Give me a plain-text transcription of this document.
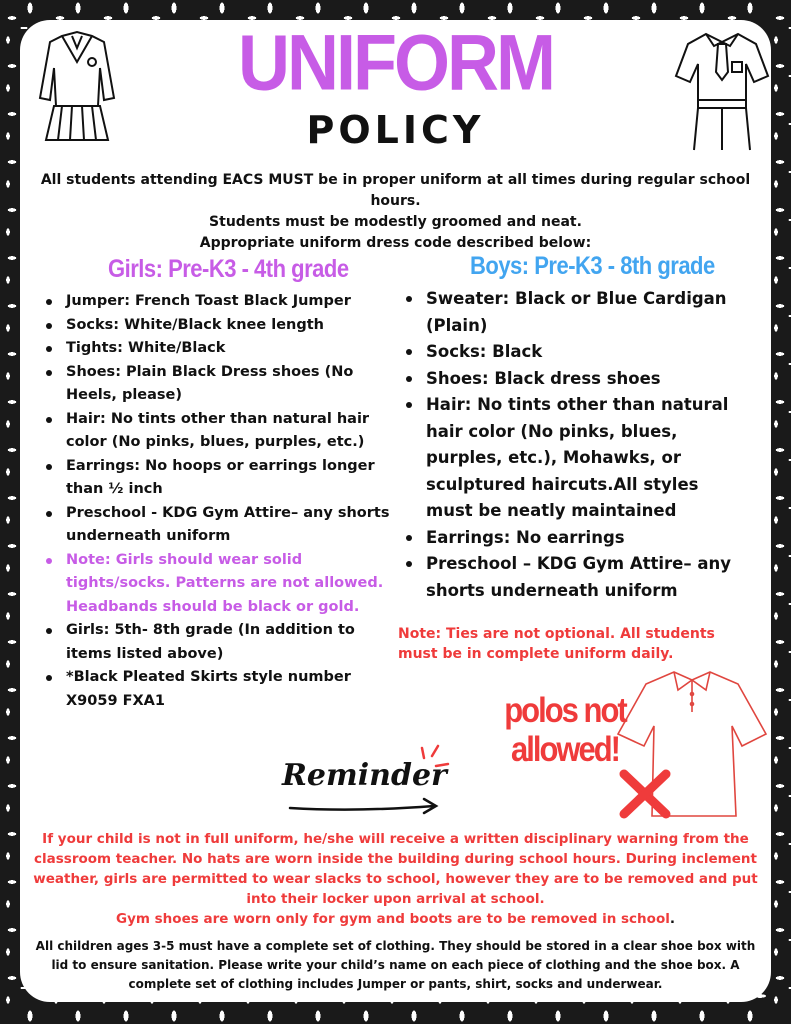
UNIFORM
POLICY
All students attending EACS MUST be in proper uniform at all times during regular school hours.
Students must be modestly groomed and neat.
Appropriate uniform dress code described below:
Girls: Pre-K3 - 4th grade	Boys: Pre-K3 - 8th grade
Jumper: French Toast Black Jumper
Socks: White/Black knee length
Tights: White/Black
Shoes: Plain Black Dress shoes (No Heels, please)
Hair: No tints other than natural hair color (No pinks, blues, purples, etc.)
Earrings: No hoops or earrings longer than ½ inch
Preschool - KDG Gym Attire– any shorts underneath uniform
Note: Girls should wear solid tights/socks. Patterns are not allowed. Headbands should be black or gold.
Girls: 5th- 8th grade (In addition to items listed above)
*Black Pleated Skirts style number X9059 FXA1
Sweater: Black or Blue Cardigan (Plain)
Socks: Black
Shoes: Black dress shoes
Hair: No tints other than natural hair color (No pinks, blues, purples, etc.), Mohawks, or sculptured haircuts.All styles must be neatly maintained
Earrings: No earrings
Preschool – KDG Gym Attire– any shorts underneath uniform
Note: Ties are not optional. All students must be in complete uniform daily.
polos not
allowed!
Reminder
If your child is not in full uniform, he/she will receive a written disciplinary warning from the classroom teacher. No hats are worn inside the building during school hours. During inclement weather, girls are permitted to wear slacks to school, however they are to be removed and put into their locker upon arrival at school.
Gym shoes are worn only for gym and boots are to be removed in school.
All children ages 3-5 must have a complete set of clothing. They should be stored in a clear shoe box with lid to ensure sanitation. Please write your child’s name on each piece of clothing and the shoe box. A complete set of clothing includes Jumper or pants, shirt, socks and underwear.
